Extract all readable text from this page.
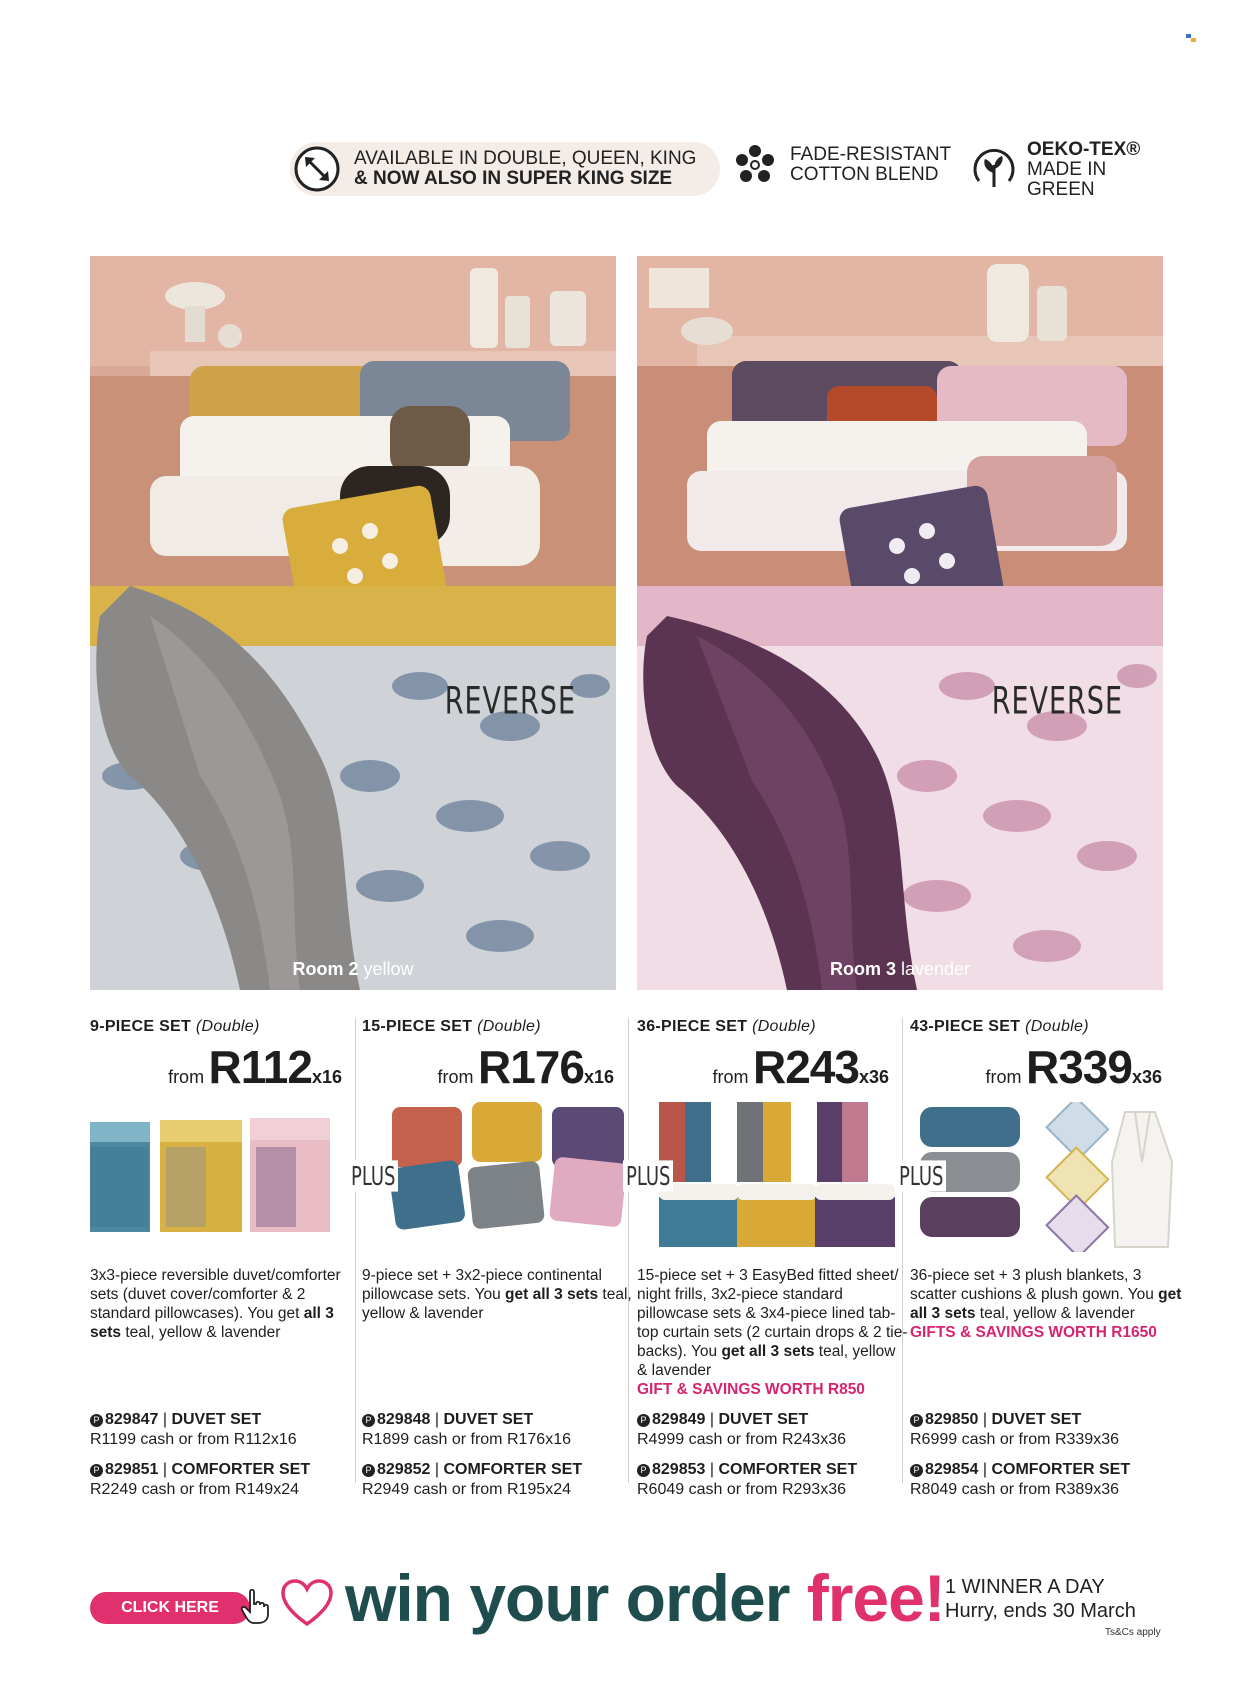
AVAILABLE IN DOUBLE, QUEEN, KING
& NOW ALSO IN SUPER KING SIZE
FADE-RESISTANT
COTTON BLEND
OEKO-TEX®
MADE IN GREEN
REVERSE
Room 2 yellow
REVERSE
Room 3 lavender
9-PIECE SET (Double)
from R112x16
3x3-piece reversible duvet/comforter sets (duvet cover/comforter & 2 standard pillowcases). You get all 3 sets teal, yellow & lavender
P 829847 | DUVET SET
R1199 cash or from R112x16
P 829851 | COMFORTER SET
R2249 cash or from R149x24
15-PIECE SET (Double)
from R176x16
PLUS
9-piece set + 3x2-piece continental pillowcase sets. You get all 3 sets teal, yellow & lavender
P 829848 | DUVET SET
R1899 cash or from R176x16
P 829852 | COMFORTER SET
R2949 cash or from R195x24
36-PIECE SET (Double)
from R243x36
PLUS
15-piece set + 3 EasyBed fitted sheet/ night frills, 3x2-piece standard pillowcase sets & 3x4-piece lined tab-top curtain sets (2 curtain drops & 2 tie-backs). You get all 3 sets teal, yellow & lavender
GIFT & SAVINGS WORTH R850
P 829849 | DUVET SET
R4999 cash or from R243x36
P 829853 | COMFORTER SET
R6049 cash or from R293x36
43-PIECE SET (Double)
from R339x36
PLUS
36-piece set + 3 plush blankets, 3 scatter cushions & plush gown. You get all 3 sets teal, yellow & lavender
GIFTS & SAVINGS WORTH R1650
P 829850 | DUVET SET
R6999 cash or from R339x36
P 829854 | COMFORTER SET
R8049 cash or from R389x36
CLICK HERE	win your order free! 1 WINNER A DAY
Hurry, ends 30 March
Ts&Cs apply
